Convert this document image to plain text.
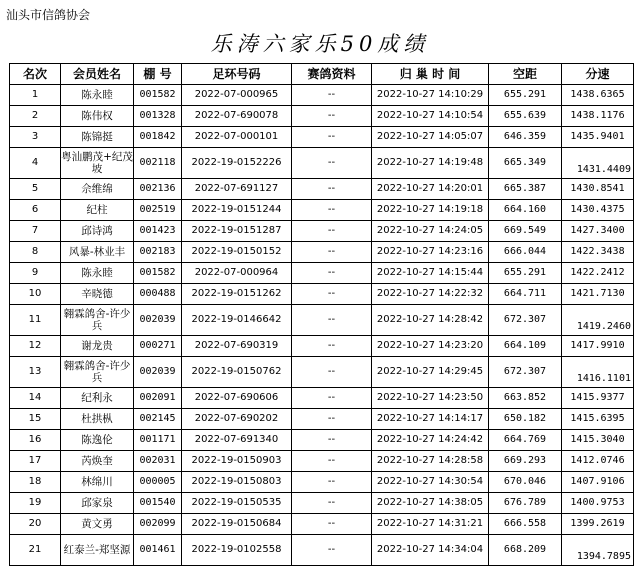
汕头市信鸽协会
乐涛六家乐50成绩
名次	会员姓名	棚 号	足环号码	赛鸽资料	归 巢 时 间	空距	分速
1	陈永睦	001582	2022-07-000965	--	2022-10-27 14:10:29	655.291	1438.6365
2	陈伟权	001328	2022-07-690078	--	2022-10-27 14:10:54	655.639	1438.1176
3	陈锦挺	001842	2022-07-000101	--	2022-10-27 14:05:07	646.359	1435.9401
4	粤汕鹏茂+纪茂坡	002118	2022-19-0152226	--	2022-10-27 14:19:48	665.349	1431.4409
5	佘维绵	002136	2022-07-691127	--	2022-10-27 14:20:01	665.387	1430.8541
6	纪柱	002519	2022-19-0151244	--	2022-10-27 14:19:18	664.160	1430.4375
7	邱诗鸿	001423	2022-19-0151287	--	2022-10-27 14:24:05	669.549	1427.3400
8	风暴-林业丰	002183	2022-19-0150152	--	2022-10-27 14:23:16	666.044	1422.3438
9	陈永睦	001582	2022-07-000964	--	2022-10-27 14:15:44	655.291	1422.2412
10	辛晓德	000488	2022-19-0151262	--	2022-10-27 14:22:32	664.711	1421.7130
11	翱霖鸽舍-许少兵	002039	2022-19-0146642	--	2022-10-27 14:28:42	672.307	1419.2460
12	谢龙贵	000271	2022-07-690319	--	2022-10-27 14:23:20	664.109	1417.9910
13	翱霖鸽舍-许少兵	002039	2022-19-0150762	--	2022-10-27 14:29:45	672.307	1416.1101
14	纪利永	002091	2022-07-690606	--	2022-10-27 14:23:50	663.852	1415.9377
15	杜拱枞	002145	2022-07-690202	--	2022-10-27 14:14:17	650.182	1415.6395
16	陈逸伦	001171	2022-07-691340	--	2022-10-27 14:24:42	664.769	1415.3040
17	芮焕奎	002031	2022-19-0150903	--	2022-10-27 14:28:58	669.293	1412.0746
18	林绵川	000005	2022-19-0150803	--	2022-10-27 14:30:54	670.046	1407.9106
19	邱家泉	001540	2022-19-0150535	--	2022-10-27 14:38:05	676.789	1400.9753
20	黄文勇	002099	2022-19-0150684	--	2022-10-27 14:31:21	666.558	1399.2619
21	红泰兰-郑坚源	001461	2022-19-0102558	--	2022-10-27 14:34:04	668.209	1394.7895
